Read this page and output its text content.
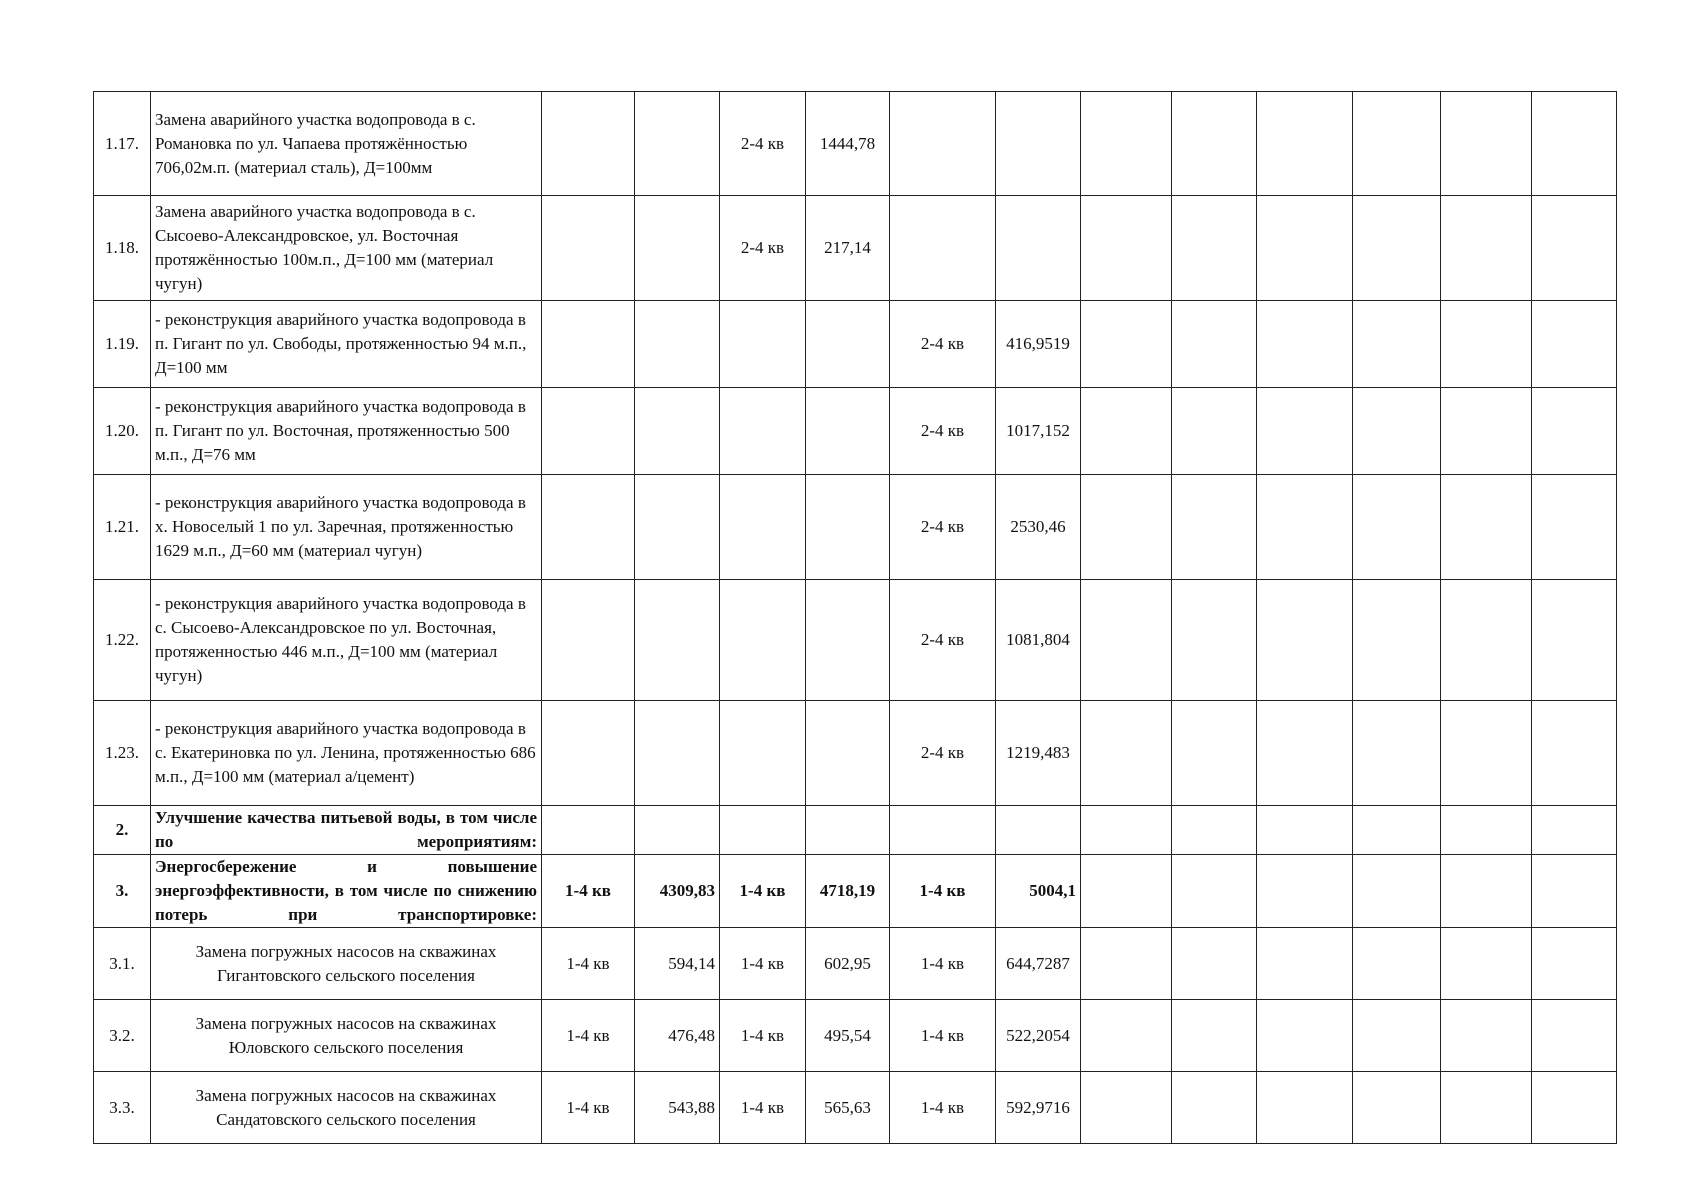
1.17.	Замена аварийного участка водопровода в с. Романовка по ул. Чапаева протяжённостью 706,02м.п. (материал сталь), Д=100мм			2-4 кв	1444,78								
1.18.	Замена аварийного участка водопровода в с. Сысоево-Александровское, ул. Восточная протяжённостью 100м.п., Д=100 мм (материал чугун)			2-4 кв	217,14								
1.19.	- реконструкция аварийного участка водопровода в п. Гигант по ул. Свободы, протяженностью 94 м.п., Д=100 мм					2-4 кв	416,9519						
1.20.	- реконструкция аварийного участка водопровода в п. Гигант по ул. Восточная, протяженностью 500 м.п., Д=76 мм					2-4 кв	1017,152						
1.21.	- реконструкция аварийного участка водопровода в х. Новоселый 1 по ул. Заречная, протяженностью 1629 м.п., Д=60 мм (материал чугун)					2-4 кв	2530,46						
1.22.	- реконструкция аварийного участка водопровода в с. Сысоево-Александровское по ул. Восточная, протяженностью 446 м.п., Д=100 мм (материал чугун)					2-4 кв	1081,804						
1.23.	- реконструкция аварийного участка водопровода в с. Екатериновка по ул. Ленина, протяженностью 686 м.п., Д=100 мм (материал а/цемент)					2-4 кв	1219,483						
2.	Улучшение качества питьевой воды, в том числе по мероприятиям:												
3.	Энергосбережение и повышение энергоэффективности, в том числе по снижению потерь при транспортировке:	1-4 кв	4309,83	1-4 кв	4718,19	1-4 кв	5004,1						
3.1.	Замена погружных насосов на скважинах Гигантовского сельского поселения	1-4 кв	594,14	1-4 кв	602,95	1-4 кв	644,7287						
3.2.	Замена погружных насосов на скважинах Юловского сельского поселения	1-4 кв	476,48	1-4 кв	495,54	1-4 кв	522,2054						
3.3.	Замена погружных насосов на скважинах Сандатовского сельского поселения	1-4 кв	543,88	1-4 кв	565,63	1-4 кв	592,9716						
